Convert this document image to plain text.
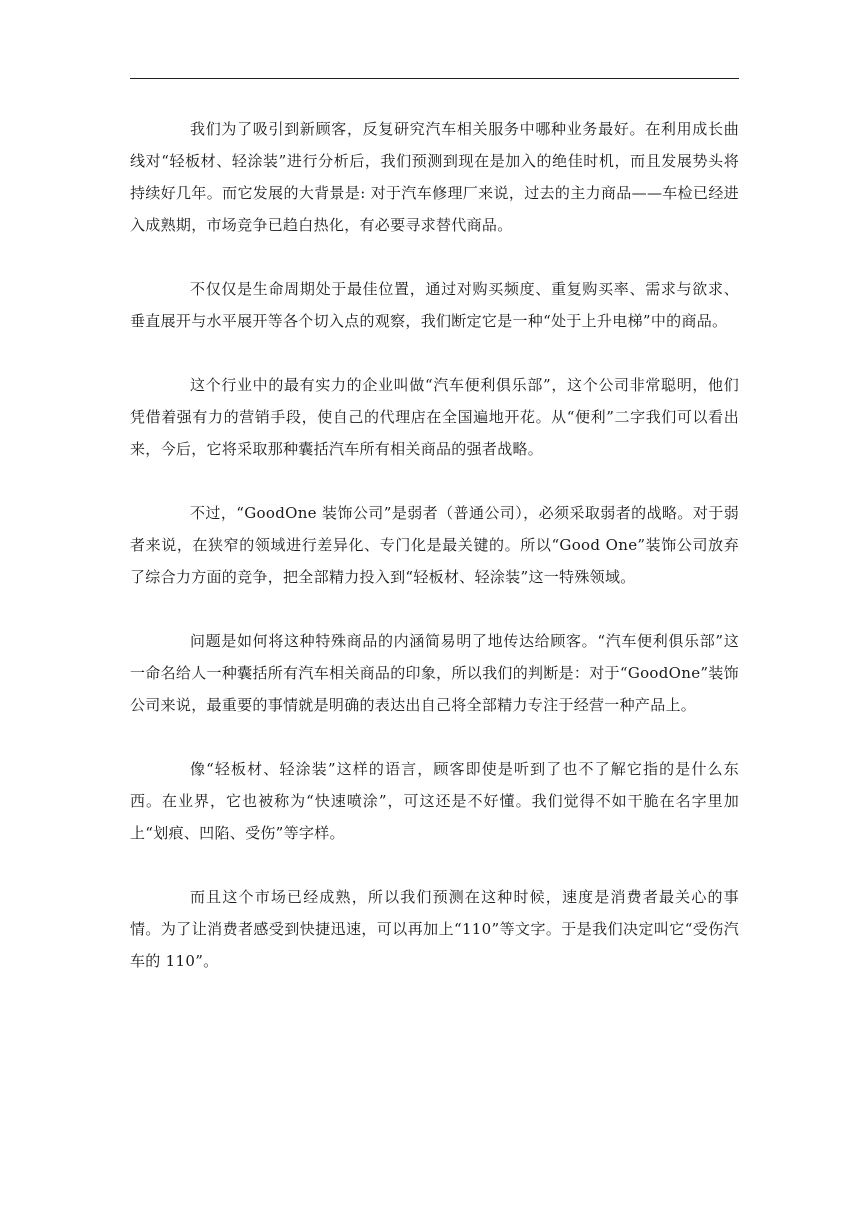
我们为了吸引到新顾客，反复研究汽车相关服务中哪种业务最好。在利用成长曲线对“轻板材、轻涂装”进行分析后，我们预测到现在是加入的绝佳时机，而且发展势头将持续好几年。而它发展的大背景是: 对于汽车修理厂来说，过去的主力商品——车检已经进入成熟期，市场竞争已趋白热化，有必要寻求替代商品。

不仅仅是生命周期处于最佳位置，通过对购买频度、重复购买率、需求与欲求、垂直展开与水平展开等各个切入点的观察，我们断定它是一种“处于上升电梯”中的商品。

这个行业中的最有实力的企业叫做“汽车便利俱乐部”，这个公司非常聪明，他们凭借着强有力的营销手段，使自己的代理店在全国遍地开花。从“便利”二字我们可以看出来，今后，它将采取那种囊括汽车所有相关商品的强者战略。

不过，“GoodOne 装饰公司”是弱者（普通公司），必须采取弱者的战略。对于弱者来说，在狭窄的领域进行差异化、专门化是最关键的。所以“Good One”装饰公司放弃了综合力方面的竞争，把全部精力投入到“轻板材、轻涂装”这一特殊领域。

问题是如何将这种特殊商品的内涵简易明了地传达给顾客。“汽车便利俱乐部”这一命名给人一种囊括所有汽车相关商品的印象，所以我们的判断是：对于“GoodOne”装饰公司来说，最重要的事情就是明确的表达出自己将全部精力专注于经营一种产品上。

像“轻板材、轻涂装”这样的语言，顾客即使是听到了也不了解它指的是什么东西。在业界，它也被称为“快速喷涂”，可这还是不好懂。我们觉得不如干脆在名字里加上“划痕、凹陷、受伤”等字样。

而且这个市场已经成熟，所以我们预测在这种时候，速度是消费者最关心的事情。为了让消费者感受到快捷迅速，可以再加上“110”等文字。于是我们决定叫它“受伤汽车的 110”。
